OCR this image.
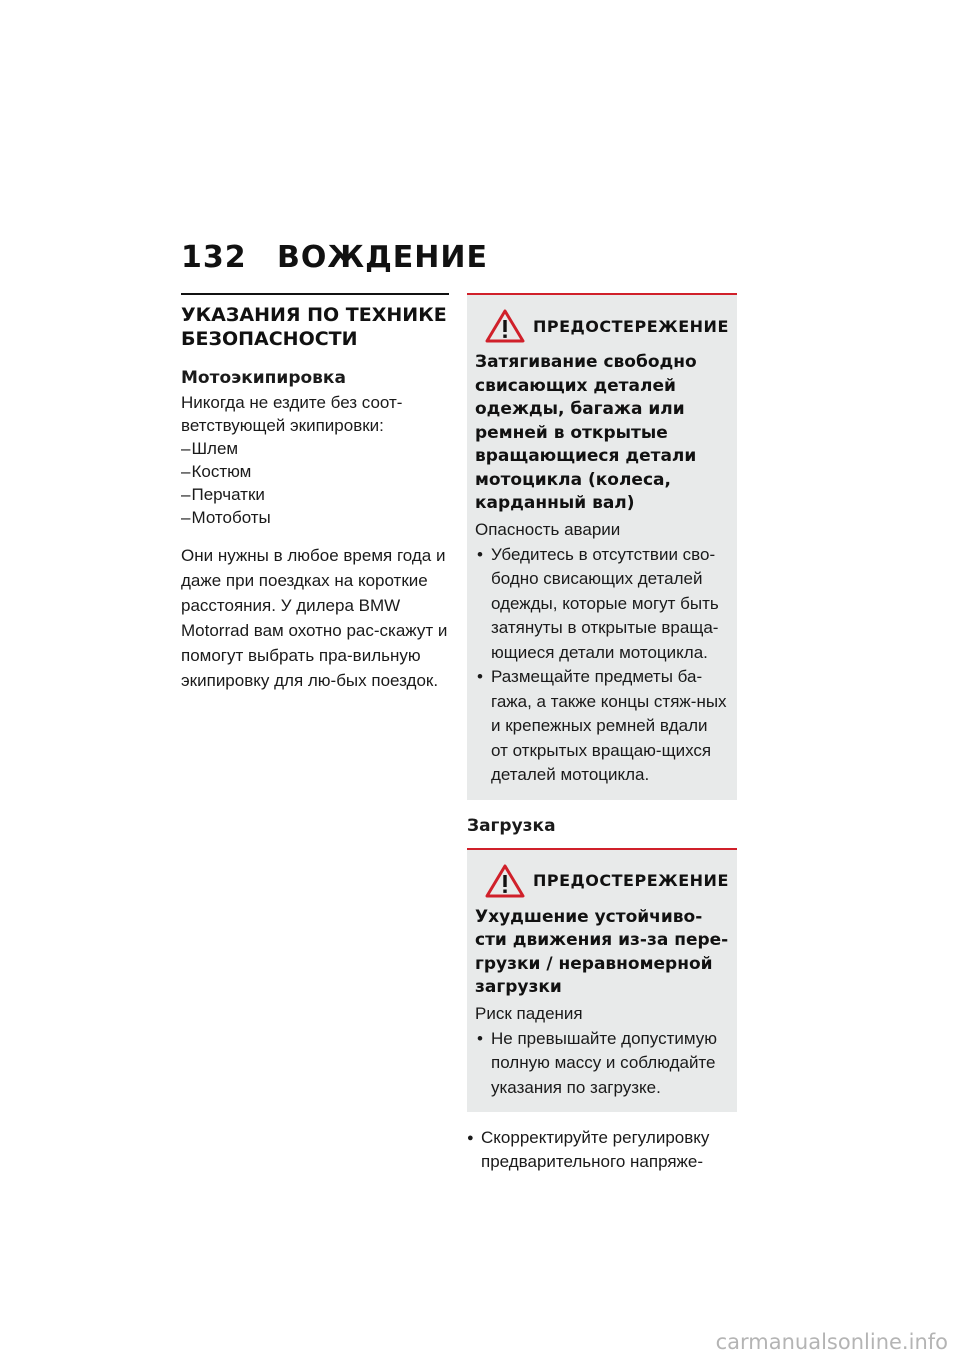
132 ВОЖДЕНИЕ
УКАЗАНИЯ ПО ТЕХНИКЕ БЕЗОПАСНОСТИ
Мотоэкипировка
Никогда не ездите без соот-ветствующей экипировки:
– Шлем
– Костюм
– Перчатки
– Мотоботы

Они нужны в любое время года и даже при поездках на короткие расстояния. У дилера BMW Motorrad вам охотно рас-скажут и помогут выбрать пра-вильную экипировку для лю-бых поездок.

ПРЕДОСТЕРЕЖЕНИЕ
Затягивание свободно свисающих деталей одежды, багажа или ремней в открытые вращающиеся детали мотоцикла (колеса, карданный вал)
Опасность аварии
• Убедитесь в отсутствии сво-бодно свисающих деталей одежды, которые могут быть затянуты в открытые враща-ющиеся детали мотоцикла.
• Размещайте предметы ба-гажа, а также концы стяж-ных и крепежных ремней вдали от открытых вращаю-щихся деталей мотоцикла.
Загрузка
ПРЕДОСТЕРЕЖЕНИЕ
Ухудшение устойчиво-сти движения из-за пере-грузки / неравномерной загрузки
Риск падения
• Не превышайте допустимую полную массу и соблюдайте указания по загрузке.
● Скорректируйте регулировку предварительного напряже-
carmanualsonline.info
